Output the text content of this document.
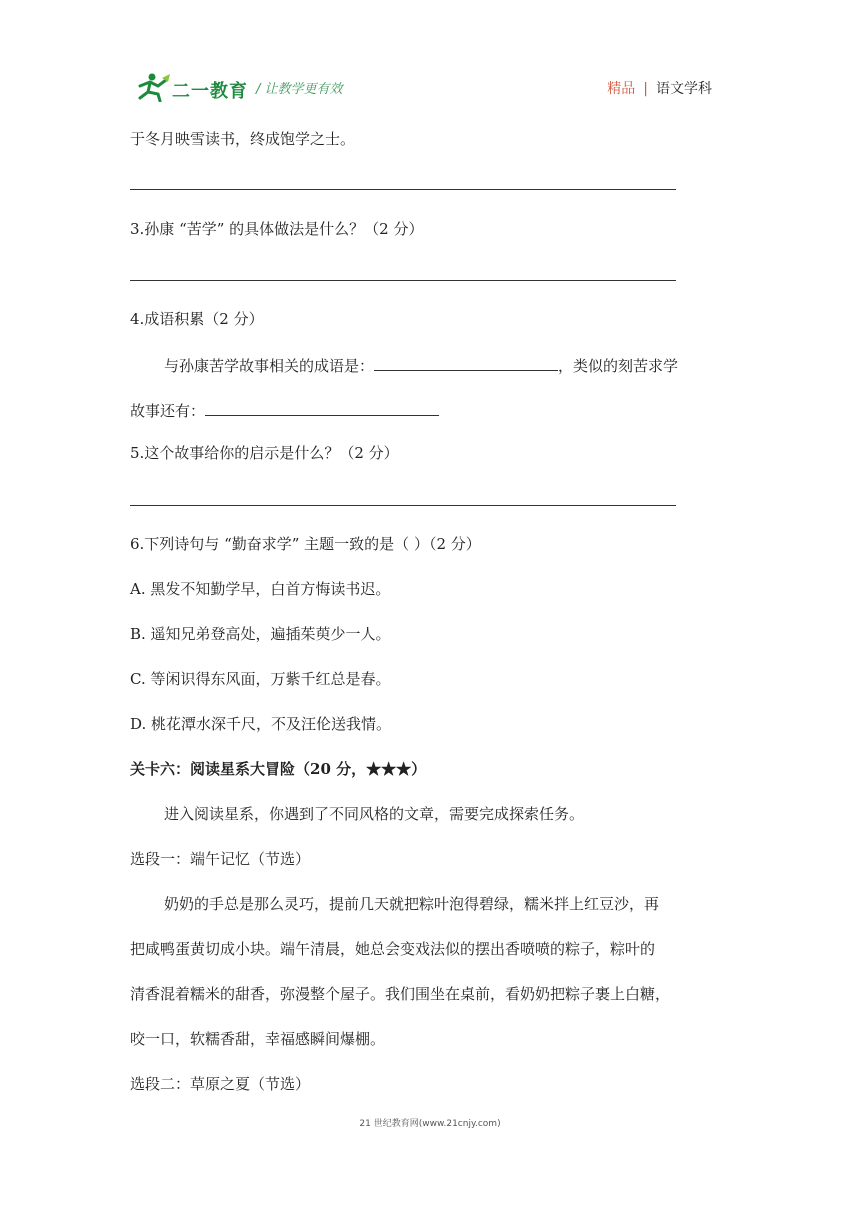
二一教育 / 让教学更有效	精品 | 语文学科
于冬月映雪读书，终成饱学之士。
3.孙康 “苦学” 的具体做法是什么？（2 分）
4.成语积累（2 分）
与孙康苦学故事相关的成语是：	，类似的刻苦求学
故事还有：
5.这个故事给你的启示是什么？（2 分）
6.下列诗句与 “勤奋求学” 主题一致的是（ ）（2 分）
A. 黑发不知勤学早，白首方悔读书迟。
B. 遥知兄弟登高处，遍插茱萸少一人。
C. 等闲识得东风面，万紫千红总是春。
D. 桃花潭水深千尺，不及汪伦送我情。
关卡六：阅读星系大冒险（20 分，★★★）
进入阅读星系，你遇到了不同风格的文章，需要完成探索任务。
选段一：端午记忆（节选）
奶奶的手总是那么灵巧，提前几天就把粽叶泡得碧绿，糯米拌上红豆沙，再
把咸鸭蛋黄切成小块。端午清晨，她总会变戏法似的摆出香喷喷的粽子，粽叶的
清香混着糯米的甜香，弥漫整个屋子。我们围坐在桌前，看奶奶把粽子裹上白糖，
咬一口，软糯香甜，幸福感瞬间爆棚。
选段二：草原之夏（节选）
21 世纪教育网(www.21cnjy.com)
